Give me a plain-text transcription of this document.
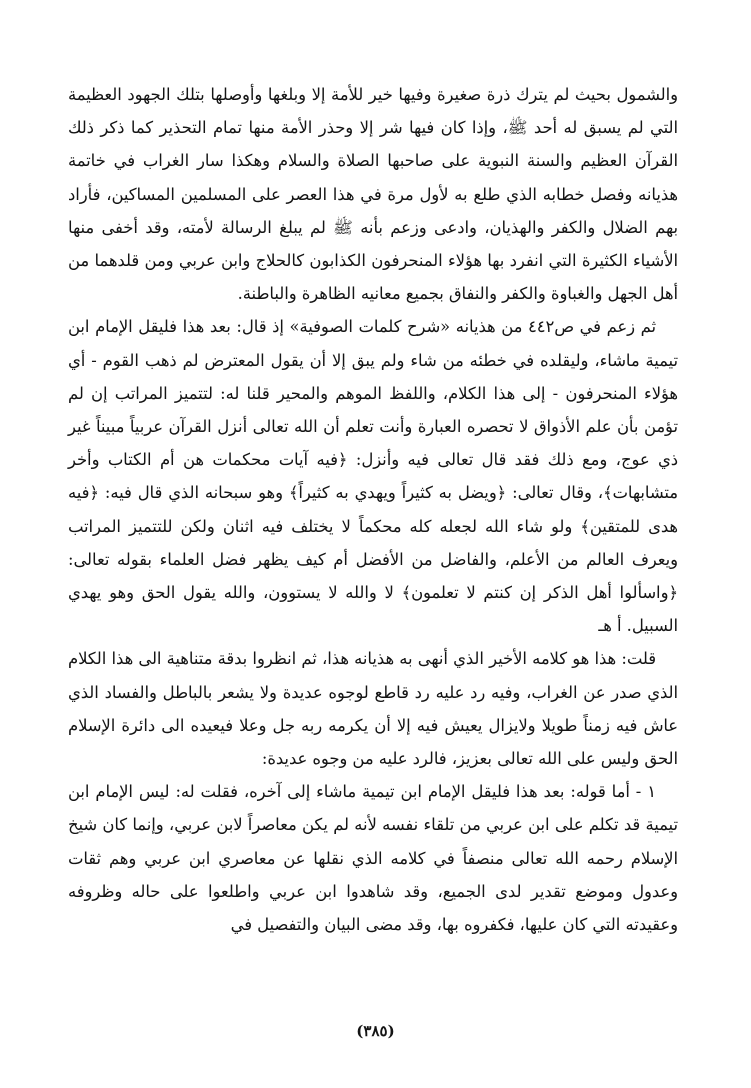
والشمول بحيث لم يترك ذرة صغيرة وفيها خير للأمة إلا وبلغها وأوصلها بتلك الجهود العظيمة التي لم يسبق له أحد ﷺ، وإذا كان فيها شر إلا وحذر الأمة منها تمام التحذير كما ذكر ذلك القرآن العظيم والسنة النبوية على صاحبها الصلاة والسلام وهكذا سار الغراب في خاتمة هذيانه وفصل خطابه الذي طلع به لأول مرة في هذا العصر على المسلمين المساكين، فأراد بهم الضلال والكفر والهذيان، وادعى وزعم بأنه ﷺ لم يبلغ الرسالة لأمته، وقد أخفى منها الأشياء الكثيرة التي انفرد بها هؤلاء المنحرفون الكذابون كالحلاج وابن عربي ومن قلدهما من أهل الجهل والغباوة والكفر والنفاق بجميع معانيه الظاهرة والباطنة.

ثم زعم في ص٤٤٢ من هذيانه «شرح كلمات الصوفية» إذ قال: بعد هذا فليقل الإمام ابن تيمية ماشاء، وليقلده في خطئه من شاء ولم يبق إلا أن يقول المعترض لم ذهب القوم - أي هؤلاء المنحرفون - إلى هذا الكلام، واللفظ الموهم والمحير قلنا له: لتتميز المراتب إن لم تؤمن بأن علم الأذواق لا تحصره العبارة وأنت تعلم أن الله تعالى أنزل القرآن عربياً مبيناً غير ذي عوج، ومع ذلك فقد قال تعالى فيه وأنزل: ﴿فيه آيات محكمات هن أم الكتاب وأخر متشابهات﴾، وقال تعالى: ﴿ويضل به كثيراً ويهدي به كثيراً﴾ وهو سبحانه الذي قال فيه: ﴿فيه هدى للمتقين﴾ ولو شاء الله لجعله كله محكماً لا يختلف فيه اثنان ولكن للتتميز المراتب ويعرف العالم من الأعلم، والفاضل من الأفضل أم كيف يظهر فضل العلماء بقوله تعالى: ﴿واسألوا أهل الذكر إن كنتم لا تعلمون﴾ لا والله لا يستوون، والله يقول الحق وهو يهدي السبيل. أ هـ

قلت: هذا هو كلامه الأخير الذي أنهى به هذيانه هذا، ثم انظروا بدقة متناهية الى هذا الكلام الذي صدر عن الغراب، وفيه رد عليه رد قاطع لوجوه عديدة ولا يشعر بالباطل والفساد الذي عاش فيه زمناً طويلا ولايزال يعيش فيه إلا أن يكرمه ربه جل وعلا فيعيده الى دائرة الإسلام الحق وليس على الله تعالى بعزيز، فالرد عليه من وجوه عديدة:

١ - أما قوله: بعد هذا فليقل الإمام ابن تيمية ماشاء إلى آخره، فقلت له: ليس الإمام ابن تيمية قد تكلم على ابن عربي من تلقاء نفسه لأنه لم يكن معاصراً لابن عربي، وإنما كان شيخ الإسلام رحمه الله تعالى منصفاً في كلامه الذي نقلها عن معاصري ابن عربي وهم ثقات وعدول وموضع تقدير لدى الجميع، وقد شاهدوا ابن عربي واطلعوا على حاله وظروفه وعقيدته التي كان عليها، فكفروه بها، وقد مضى البيان والتفصيل في

(٣٨٥)
